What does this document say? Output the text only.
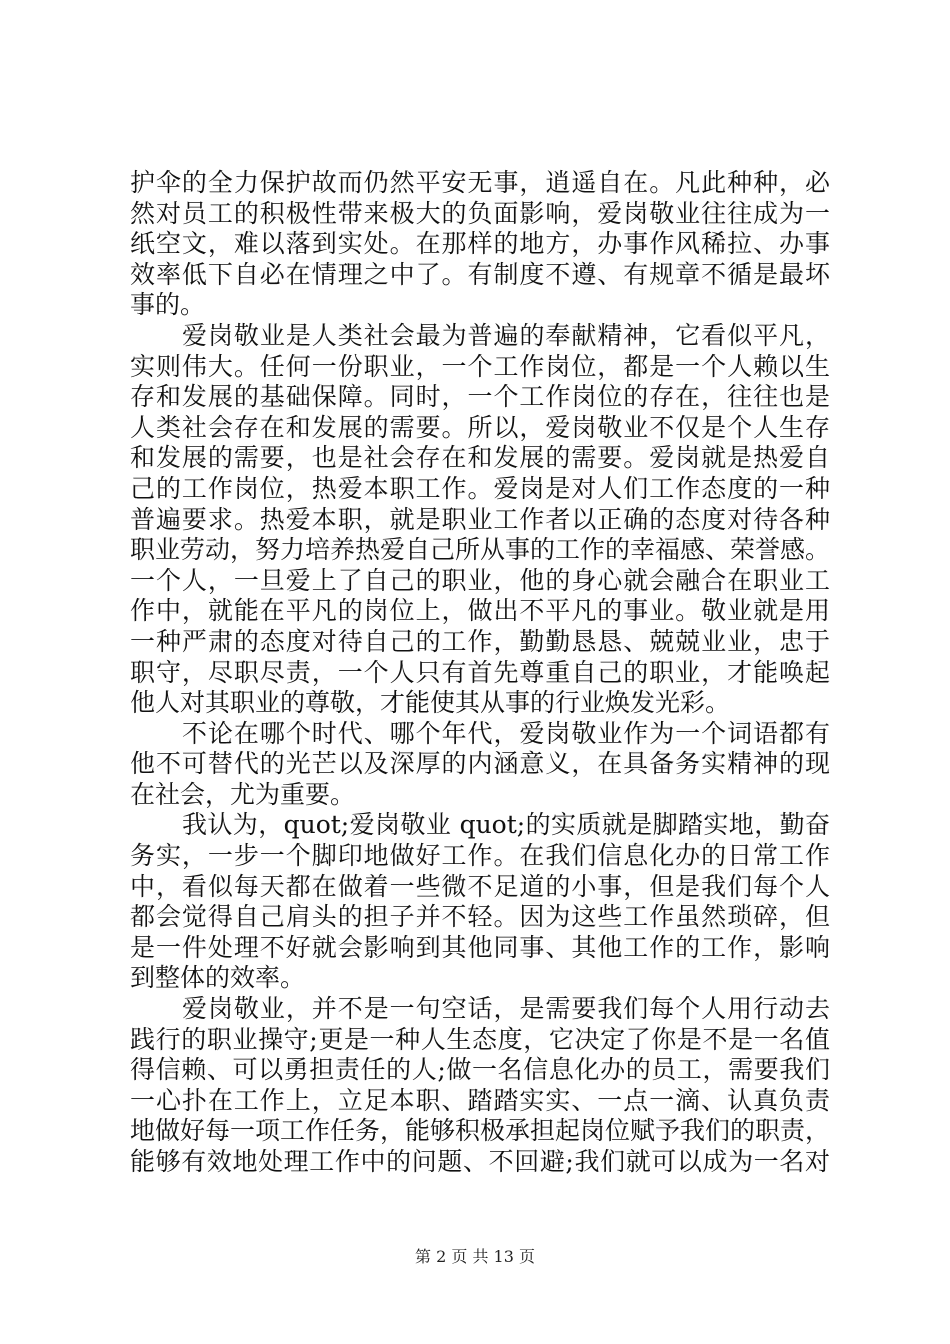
护伞的全力保护故而仍然平安无事，逍遥自在。凡此种种，必
然对员工的积极性带来极大的负面影响，爱岗敬业往往成为一
纸空文，难以落到实处。在那样的地方，办事作风稀拉、办事
效率低下自必在情理之中了。有制度不遵、有规章不循是最坏
事的。
爱岗敬业是人类社会最为普遍的奉献精神，它看似平凡，
实则伟大。任何一份职业，一个工作岗位，都是一个人赖以生
存和发展的基础保障。同时，一个工作岗位的存在，往往也是
人类社会存在和发展的需要。所以，爱岗敬业不仅是个人生存
和发展的需要，也是社会存在和发展的需要。爱岗就是热爱自
己的工作岗位，热爱本职工作。爱岗是对人们工作态度的一种
普遍要求。热爱本职，就是职业工作者以正确的态度对待各种
职业劳动，努力培养热爱自己所从事的工作的幸福感、荣誉感。
一个人，一旦爱上了自己的职业，他的身心就会融合在职业工
作中，就能在平凡的岗位上，做出不平凡的事业。敬业就是用
一种严肃的态度对待自己的工作，勤勤恳恳、兢兢业业，忠于
职守，尽职尽责，一个人只有首先尊重自己的职业，才能唤起
他人对其职业的尊敬，才能使其从事的行业焕发光彩。
不论在哪个时代、哪个年代，爱岗敬业作为一个词语都有
他不可替代的光芒以及深厚的内涵意义，在具备务实精神的现
在社会，尤为重要。
我认为，quot;爱岗敬业 quot;的实质就是脚踏实地，勤奋
务实，一步一个脚印地做好工作。在我们信息化办的日常工作
中，看似每天都在做着一些微不足道的小事，但是我们每个人
都会觉得自己肩头的担子并不轻。因为这些工作虽然琐碎，但
是一件处理不好就会影响到其他同事、其他工作的工作，影响
到整体的效率。
爱岗敬业，并不是一句空话，是需要我们每个人用行动去
践行的职业操守;更是一种人生态度，它决定了你是不是一名值
得信赖、可以勇担责任的人;做一名信息化办的员工，需要我们
一心扑在工作上，立足本职、踏踏实实、一点一滴、认真负责
地做好每一项工作任务，能够积极承担起岗位赋予我们的职责，
能够有效地处理工作中的问题、不回避;我们就可以成为一名对
第 2 页 共 13 页
